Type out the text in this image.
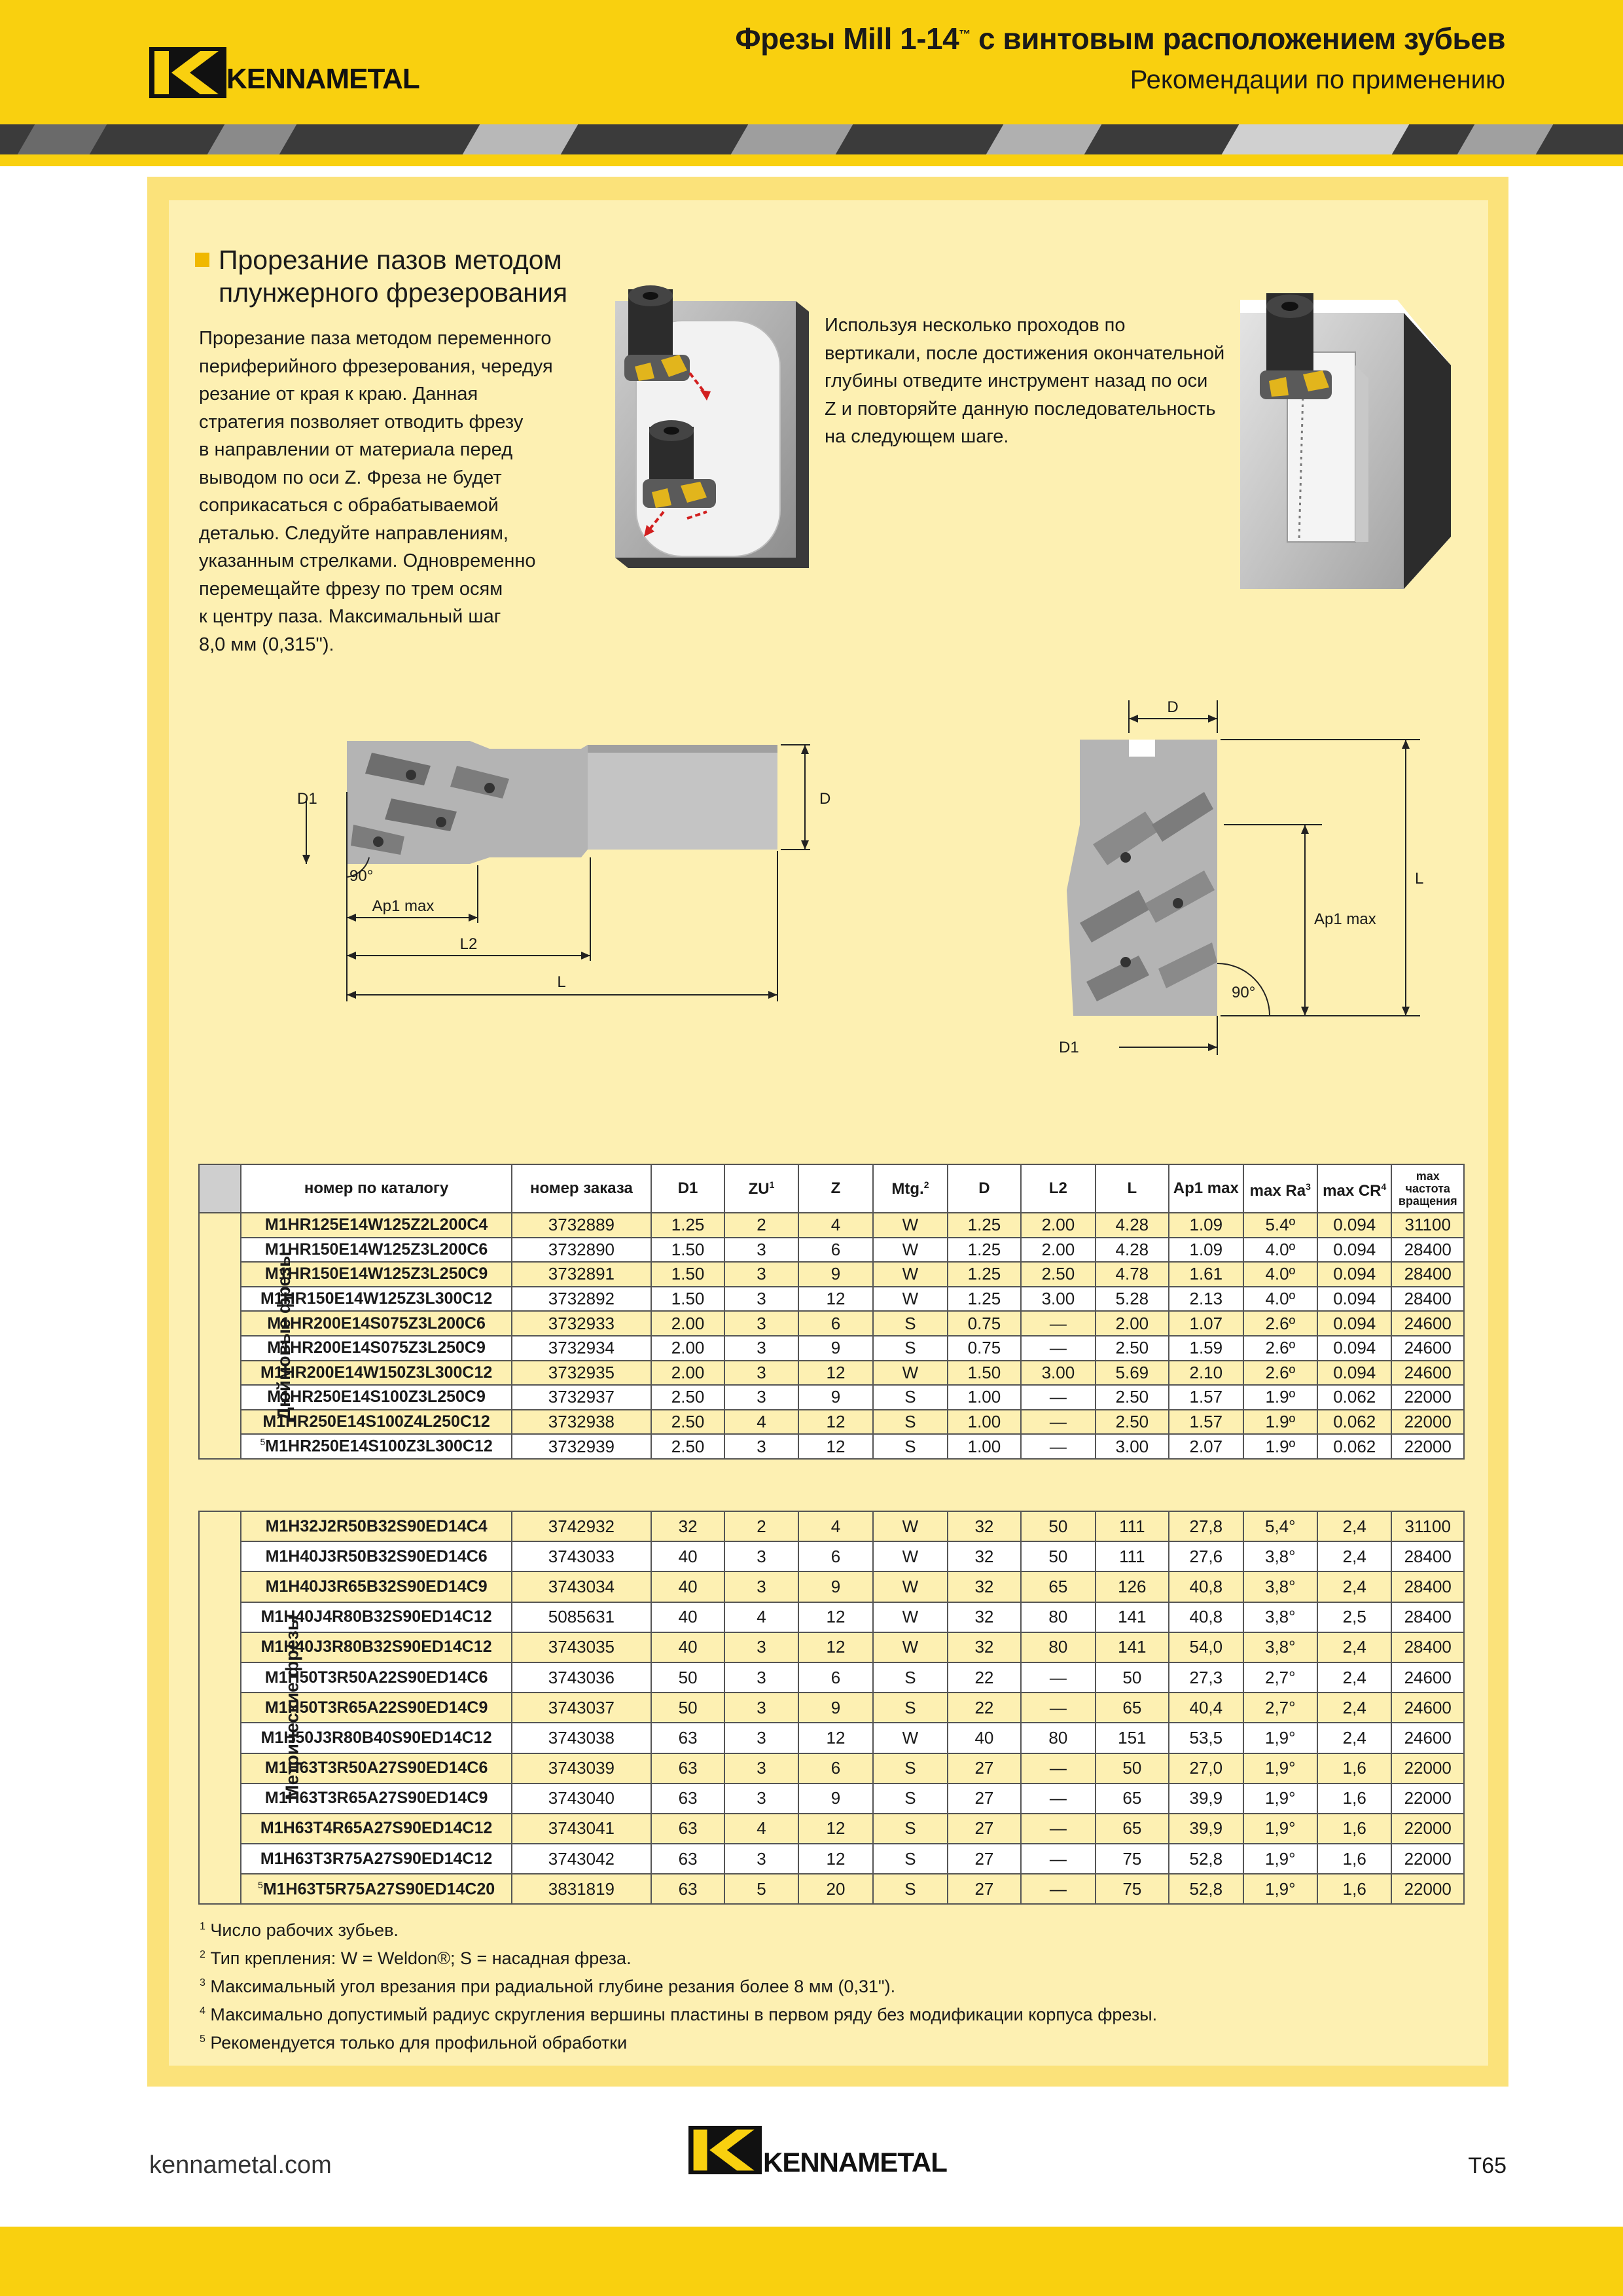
KENNAMETAL
Фрезы Mill 1-14™ с винтовым расположением зубьев
Рекомендации по применению
Прорезание пазов методом
плунжерного фрезерования
Прорезание паза методом переменного
периферийного фрезерования, чередуя
резание от края к краю. Данная
стратегия позволяет отводить фрезу
в направлении от материала перед
выводом по оси Z. Фреза не будет
соприкасаться с обрабатываемой
деталью. Следуйте направлениям,
указанным стрелками. Одновременно
перемещайте фрезу по трем осям
к центру паза. Максимальный шаг
8,0 мм (0,315").
Используя несколько проходов по
вертикали, после достижения окончательной
глубины отведите инструмент назад по оси
Z и повторяйте данную последовательность
на следующем шаге.
D1	D
90°
Ap1 max
L2
L
D
L
Ap1 max
90°
D1
	номер по каталогу	номер заказа	D1	$ZU^1$	Z	Mtg.$^2$	D	L2	L	Ap1 max	max Ra$^3$	$\max CR^4$	max частота вращения
Дюймовые фрезы	M1HR125E14W125Z2L200C4	3732889	1.25	2	4	W	1.25	2.00	4.28	1.09	5.4º	0.094	31100
	M1HR150E14W125Z3L200C6	3732890	1.50	3	6	W	1.25	2.00	4.28	1.09	4.0º	0.094	28400
	M1HR150E14W125Z3L250C9	3732891	1.50	3	9	W	1.25	2.50	4.78	1.61	4.0º	0.094	28400
	M1HR150E14W125Z3L300C12	3732892	1.50	3	12	W	1.25	3.00	5.28	2.13	4.0º	0.094	28400
	M1HR200E14S075Z3L200C6	3732933	2.00	3	6	S	0.75	—	2.00	1.07	2.6º	0.094	24600
	M1HR200E14S075Z3L250C9	3732934	2.00	3	9	S	0.75	—	2.50	1.59	2.6º	0.094	24600
	M1HR200E14W150Z3L300C12	3732935	2.00	3	12	W	1.50	3.00	5.69	2.10	2.6º	0.094	24600
	M1HR250E14S100Z3L250C9	3732937	2.50	3	9	S	1.00	—	2.50	1.57	1.9º	0.062	22000
	M1HR250E14S100Z4L250C12	3732938	2.50	4	12	S	1.00	—	2.50	1.57	1.9º	0.062	22000
	$^5$M1HR250E14S100Z3L300C12	3732939	2.50	3	12	S	1.00	—	3.00	2.07	1.9º	0.062	22000
Метрические фрезы	M1H32J2R50B32S90ED14C4	3742932	32	2	4	W	32	50	111	27,8	5,4°	2,4	31100
	M1H40J3R50B32S90ED14C6	3743033	40	3	6	W	32	50	111	27,6	3,8°	2,4	28400
	M1H40J3R65B32S90ED14C9	3743034	40	3	9	W	32	65	126	40,8	3,8°	2,4	28400
	M1H40J4R80B32S90ED14C12	5085631	40	4	12	W	32	80	141	40,8	3,8°	2,5	28400
	M1H40J3R80B32S90ED14C12	3743035	40	3	12	W	32	80	141	54,0	3,8°	2,4	28400
	M1H50T3R50A22S90ED14C6	3743036	50	3	6	S	22	—	50	27,3	2,7°	2,4	24600
	M1H50T3R65A22S90ED14C9	3743037	50	3	9	S	22	—	65	40,4	2,7°	2,4	24600
	M1H50J3R80B40S90ED14C12	3743038	63	3	12	W	40	80	151	53,5	1,9°	2,4	24600
	M1H63T3R50A27S90ED14C6	3743039	63	3	6	S	27	—	50	27,0	1,9°	1,6	22000
	M1H63T3R65A27S90ED14C9	3743040	63	3	9	S	27	—	65	39,9	1,9°	1,6	22000
	M1H63T4R65A27S90ED14C12	3743041	63	4	12	S	27	—	65	39,9	1,9°	1,6	22000
	M1H63T3R75A27S90ED14C12	3743042	63	3	12	S	27	—	75	52,8	1,9°	1,6	22000
	$^5$M1H63T5R75A27S90ED14C20	3831819	63	5	20	S	27	—	75	52,8	1,9°	1,6	22000
$^1$ Число рабочих зубьев.
$^2$ Тип крепления: W = Weldon®; S = насадная фреза.
$^3$ Максимальный угол врезания при радиальной глубине резания более 8 мм (0,31").
$^4$ Максимально допустимый радиус скругления вершины пластины в первом ряду без модификации корпуса фрезы.
$^5$ Рекомендуется только для профильной обработки
kennametal.com	KENNAMETAL	T65
